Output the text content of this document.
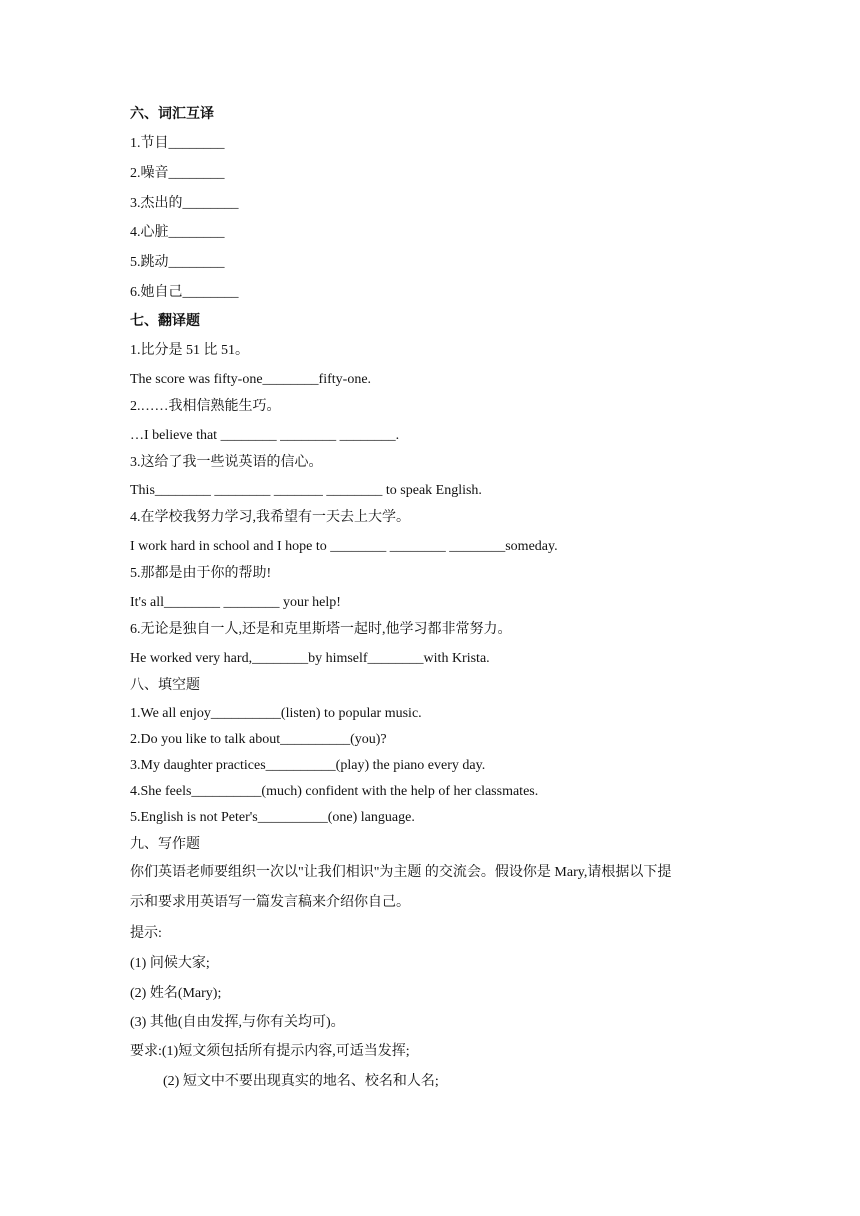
六、词汇互译
1.节目________
2.噪音________
3.杰出的________
4.心脏________
5.跳动________
6.她自己________
七、翻译题
1.比分是 51 比 51。
The score was fifty-one________fifty-one.
2.……我相信熟能生巧。
…I believe that ________ ________ ________.
3.这给了我一些说英语的信心。
This________ ________ _______ ________ to speak English.
4.在学校我努力学习,我希望有一天去上大学。
I work hard in school and I hope to ________ ________ ________someday.
5.那都是由于你的帮助!
It's all________ ________ your help!
6.无论是独自一人,还是和克里斯塔一起时,他学习都非常努力。
He worked very hard,________by himself________with Krista.
八、填空题
1.We all enjoy__________(listen) to popular music.
2.Do you like to talk about__________(you)?
3.My daughter practices__________(play) the piano every day.
4.She feels__________(much) confident with the help of her classmates.
5.English is not Peter's__________(one) language.
九、写作题
你们英语老师要组织一次以"让我们相识"为主题 的交流会。假设你是 Mary,请根据以下提
示和要求用英语写一篇发言稿来介绍你自己。
提示:
(1) 问候大家;
(2) 姓名(Mary);
(3) 其他(自由发挥,与你有关均可)。
要求:(1)短文须包括所有提示内容,可适当发挥;
(2) 短文中不要出现真实的地名、校名和人名;
